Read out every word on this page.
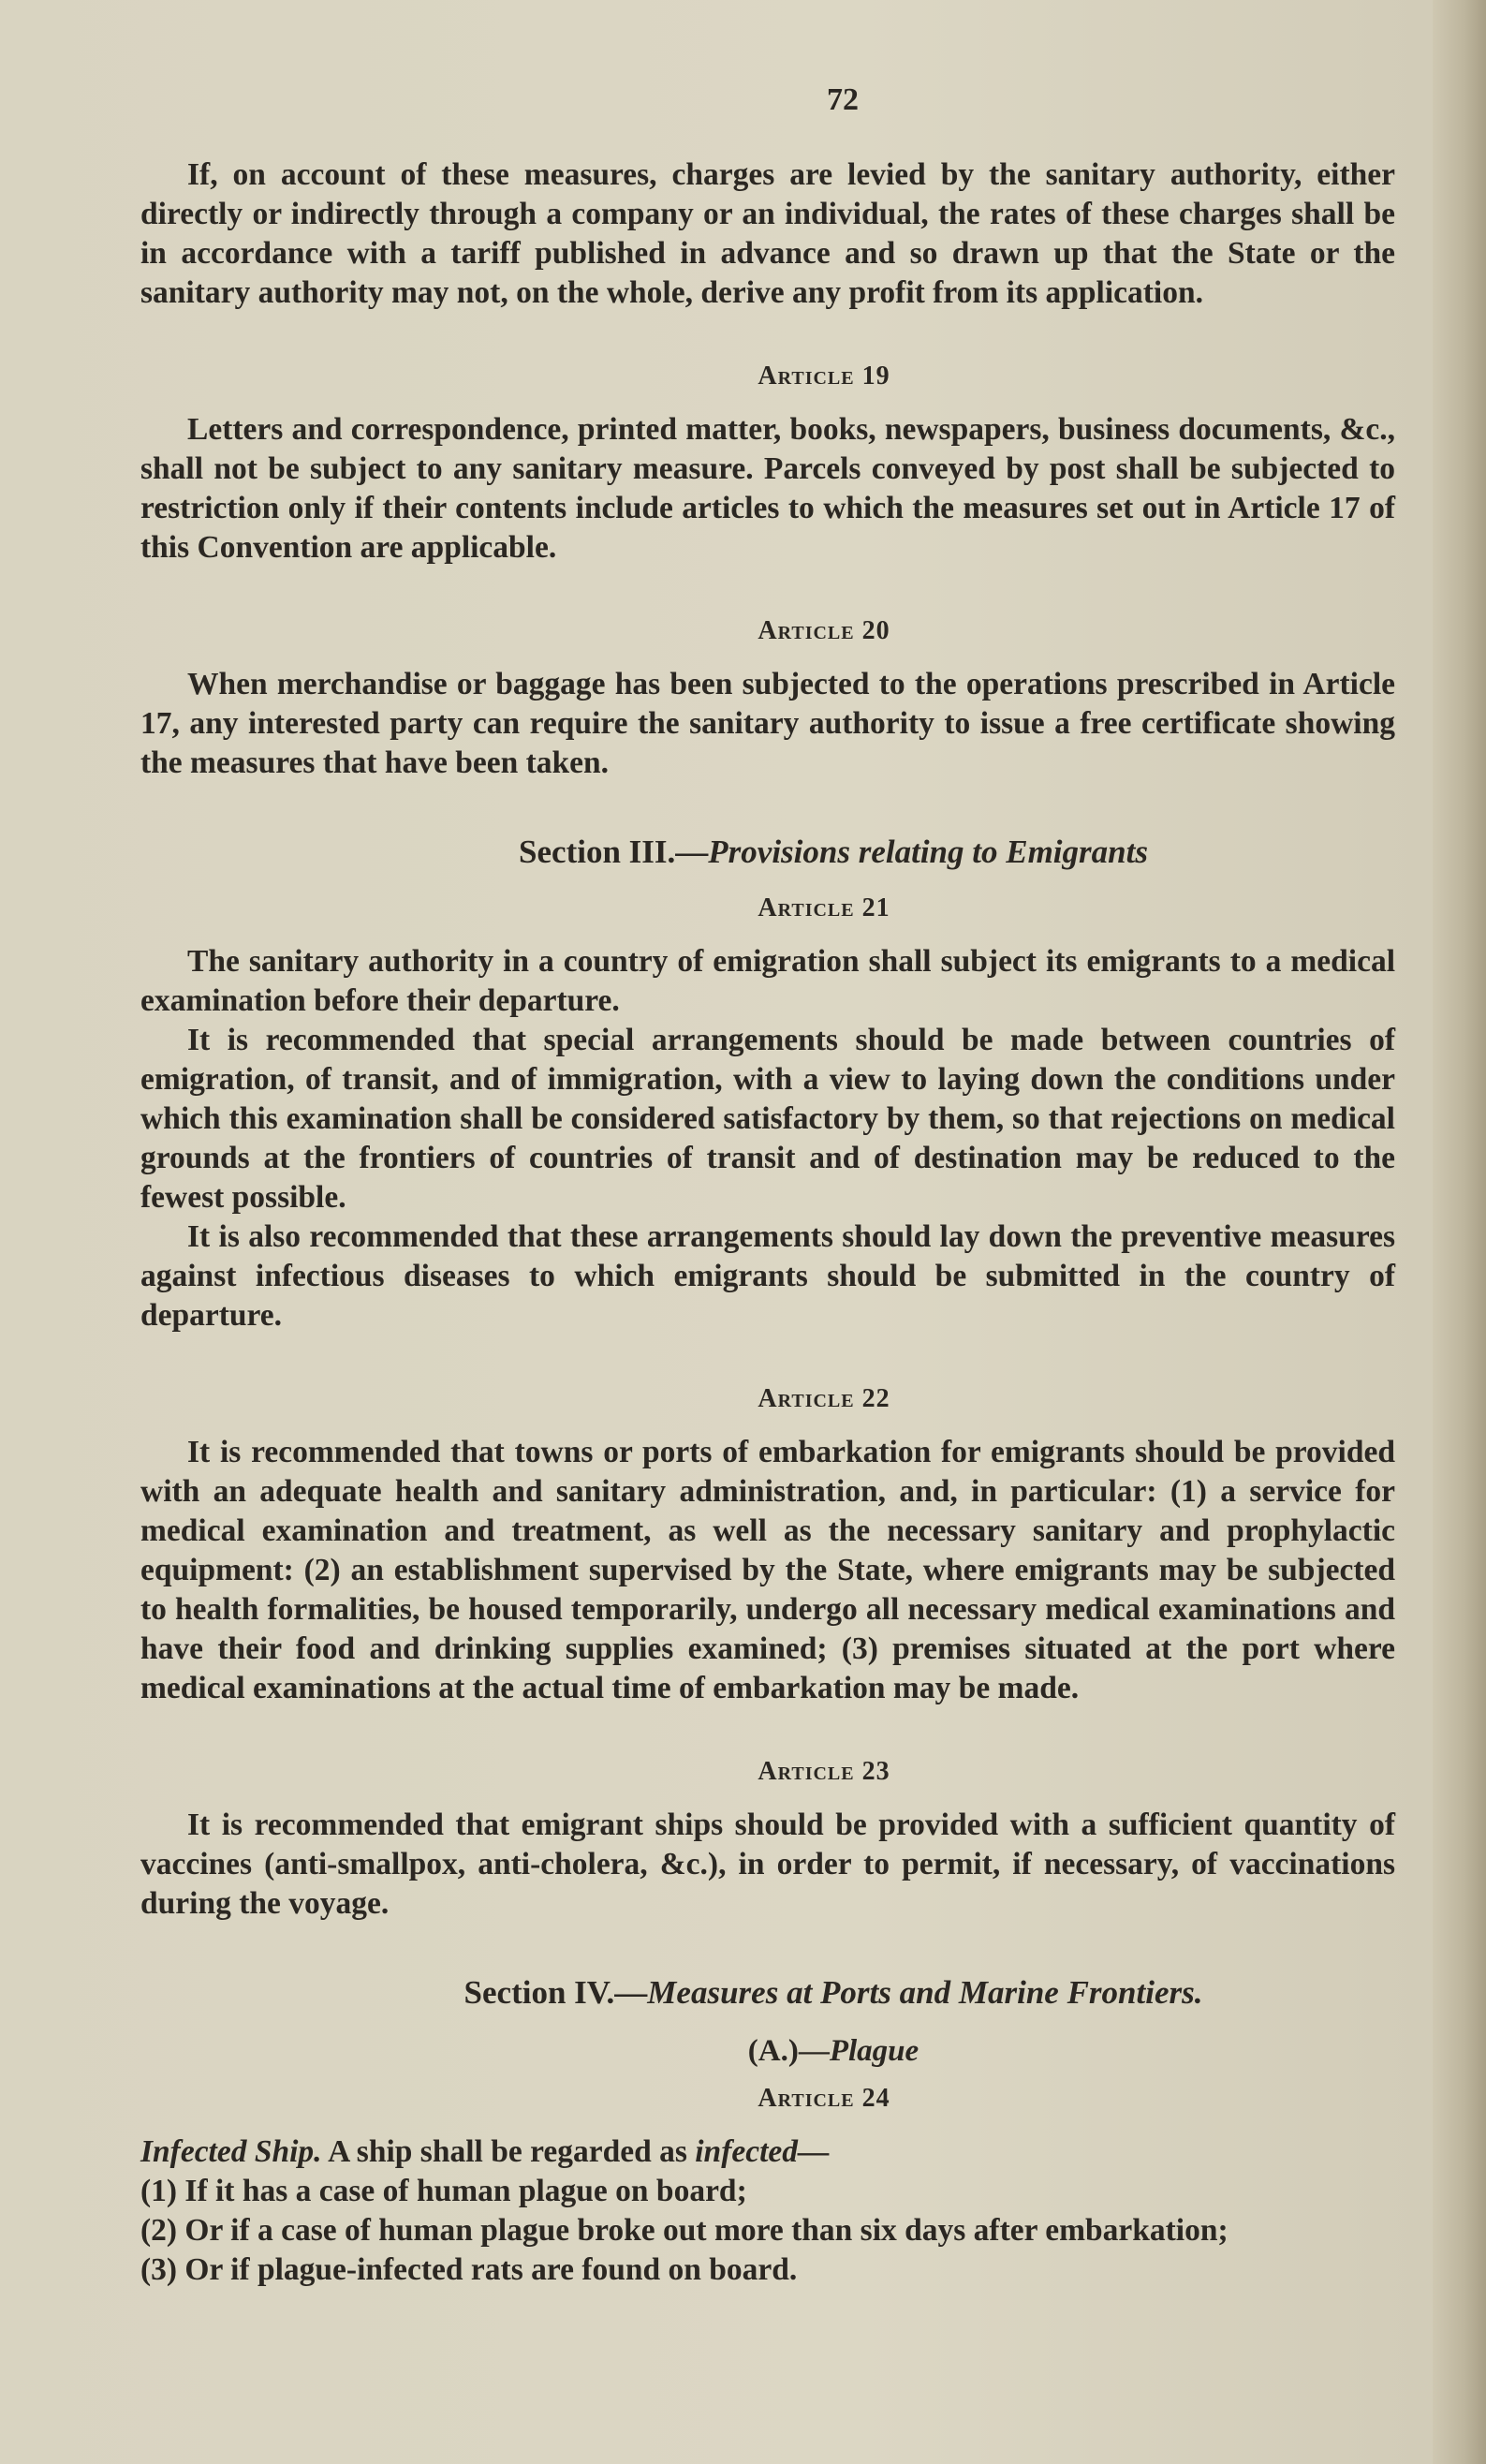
72

If, on account of these measures, charges are levied by the sanitary authority, either directly or indirectly through a company or an individual, the rates of these charges shall be in accordance with a tariff published in advance and so drawn up that the State or the sanitary authority may not, on the whole, derive any profit from its application.

Article 19

Letters and correspondence, printed matter, books, newspapers, business documents, &c., shall not be subject to any sanitary measure. Parcels conveyed by post shall be subjected to restriction only if their contents include articles to which the measures set out in Article 17 of this Convention are applicable.

Article 20

When merchandise or baggage has been subjected to the operations prescribed in Article 17, any interested party can require the sanitary authority to issue a free certificate showing the measures that have been taken.

Section III.—Provisions relating to Emigrants
Article 21

The sanitary authority in a country of emigration shall subject its emigrants to a medical examination before their departure.

It is recommended that special arrangements should be made between countries of emigration, of transit, and of immigration, with a view to laying down the conditions under which this examination shall be considered satisfactory by them, so that rejections on medical grounds at the frontiers of countries of transit and of destination may be reduced to the fewest possible.

It is also recommended that these arrangements should lay down the preventive measures against infectious diseases to which emigrants should be submitted in the country of departure.

Article 22

It is recommended that towns or ports of embarkation for emigrants should be provided with an adequate health and sanitary administration, and, in particular: (1) a service for medical examination and treatment, as well as the necessary sanitary and prophylactic equipment: (2) an establishment supervised by the State, where emigrants may be subjected to health formalities, be housed temporarily, undergo all necessary medical examinations and have their food and drinking supplies examined; (3) premises situated at the port where medical examinations at the actual time of embarkation may be made.

Article 23

It is recommended that emigrant ships should be provided with a sufficient quantity of vaccines (anti-smallpox, anti-cholera, &c.), in order to permit, if necessary, of vaccinations during the voyage.

Section IV.—Measures at Ports and Marine Frontiers.
(A.)—Plague
Article 24

Infected Ship. A ship shall be regarded as infected—

(1) If it has a case of human plague on board;
(2) Or if a case of human plague broke out more than six days after embarkation;
(3) Or if plague-infected rats are found on board.
